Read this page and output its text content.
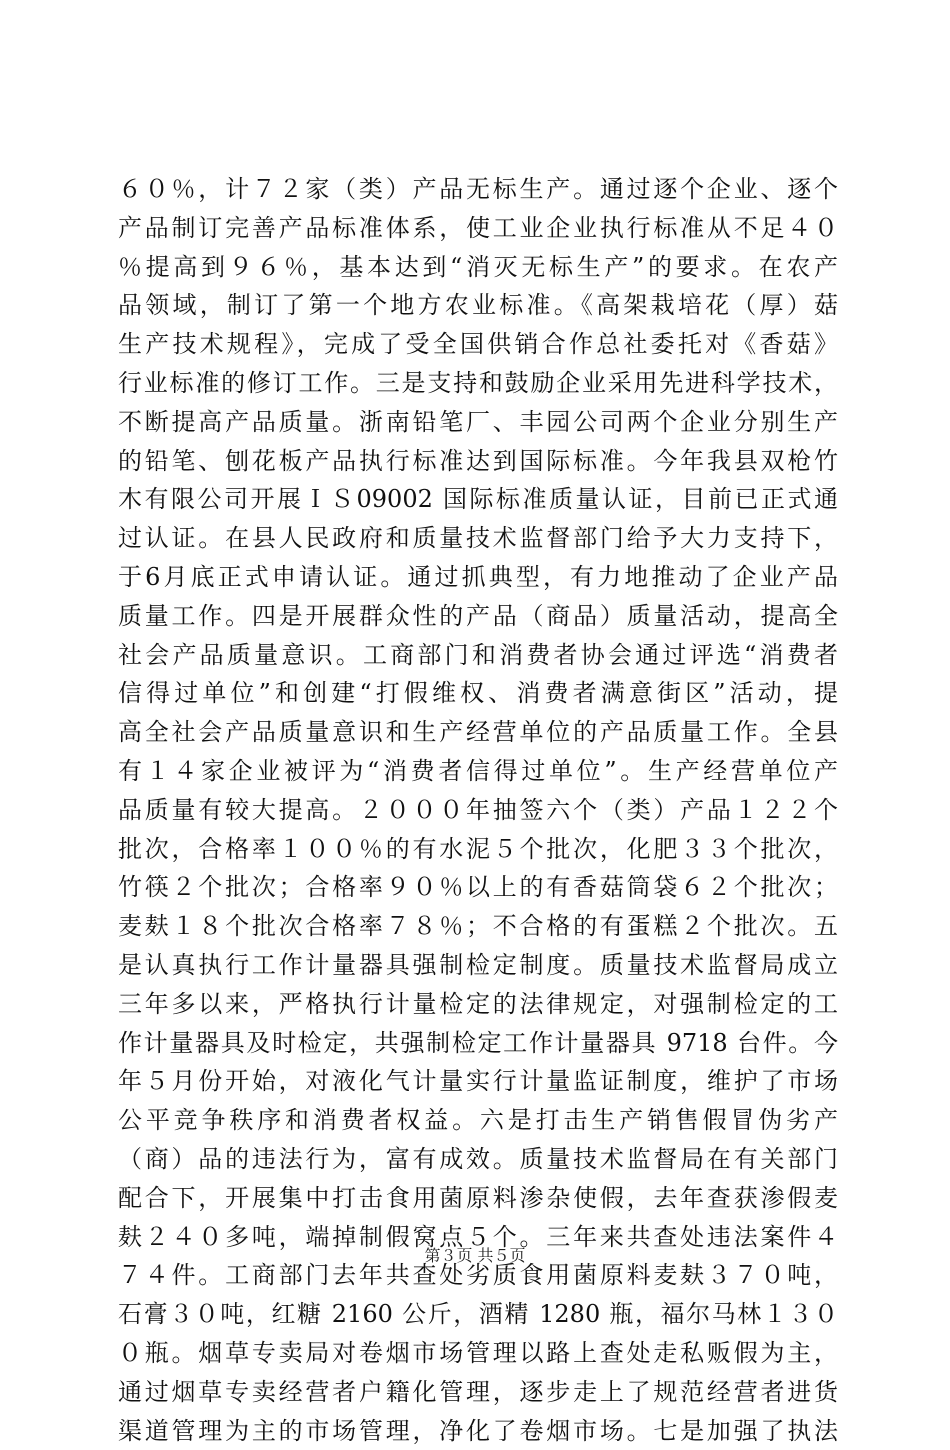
６０％，计７２家（类）产品无标生产。通过逐个企业、逐个
产品制订完善产品标准体系，使工业企业执行标准从不足４０
％提高到９６％，基本达到“消灭无标生产”的要求。在农产
品领域，制订了第一个地方农业标准。《高架栽培花（厚）菇
生产技术规程》，完成了受全国供销合作总社委托对《香菇》
行业标准的修订工作。三是支持和鼓励企业采用先进科学技术，
不断提高产品质量。浙南铅笔厂、丰园公司两个企业分别生产
的铅笔、刨花板产品执行标准达到国际标准。今年我县双枪竹
木有限公司开展ＩＳ09002 国际标准质量认证，目前已正式通
过认证。在县人民政府和质量技术监督部门给予大力支持下，
于6月底正式申请认证。通过抓典型，有力地推动了企业产品
质量工作。四是开展群众性的产品（商品）质量活动，提高全
社会产品质量意识。工商部门和消费者协会通过评选“消费者
信得过单位”和创建“打假维权、消费者满意街区”活动，提
高全社会产品质量意识和生产经营单位的产品质量工作。全县
有１４家企业被评为“消费者信得过单位”。生产经营单位产
品质量有较大提高。２０００年抽签六个（类）产品１２２个
批次，合格率１００％的有水泥５个批次，化肥３３个批次，
竹筷２个批次；合格率９０％以上的有香菇筒袋６２个批次；
麦麸１８个批次合格率７８％；不合格的有蛋糕２个批次。五
是认真执行工作计量器具强制检定制度。质量技术监督局成立
三年多以来，严格执行计量检定的法律规定，对强制检定的工
作计量器具及时检定，共强制检定工作计量器具 9718 台件。今
年５月份开始，对液化气计量实行计量监证制度，维护了市场
公平竞争秩序和消费者权益。六是打击生产销售假冒伪劣产
（商）品的违法行为，富有成效。质量技术监督局在有关部门
配合下，开展集中打击食用菌原料渗杂使假，去年查获渗假麦
麸２４０多吨，端掉制假窝点５个。三年来共查处违法案件４
７４件。工商部门去年共查处劣质食用菌原料麦麸３７０吨，
石膏３０吨，红糖 2160 公斤，酒精 1280 瓶，福尔马林１３０
０瓶。烟草专卖局对卷烟市场管理以路上查处走私贩假为主，
通过烟草专卖经营者户籍化管理，逐步走上了规范经营者进货
渠道管理为主的市场管理，净化了卷烟市场。七是加强了执法
第３页 共５页
